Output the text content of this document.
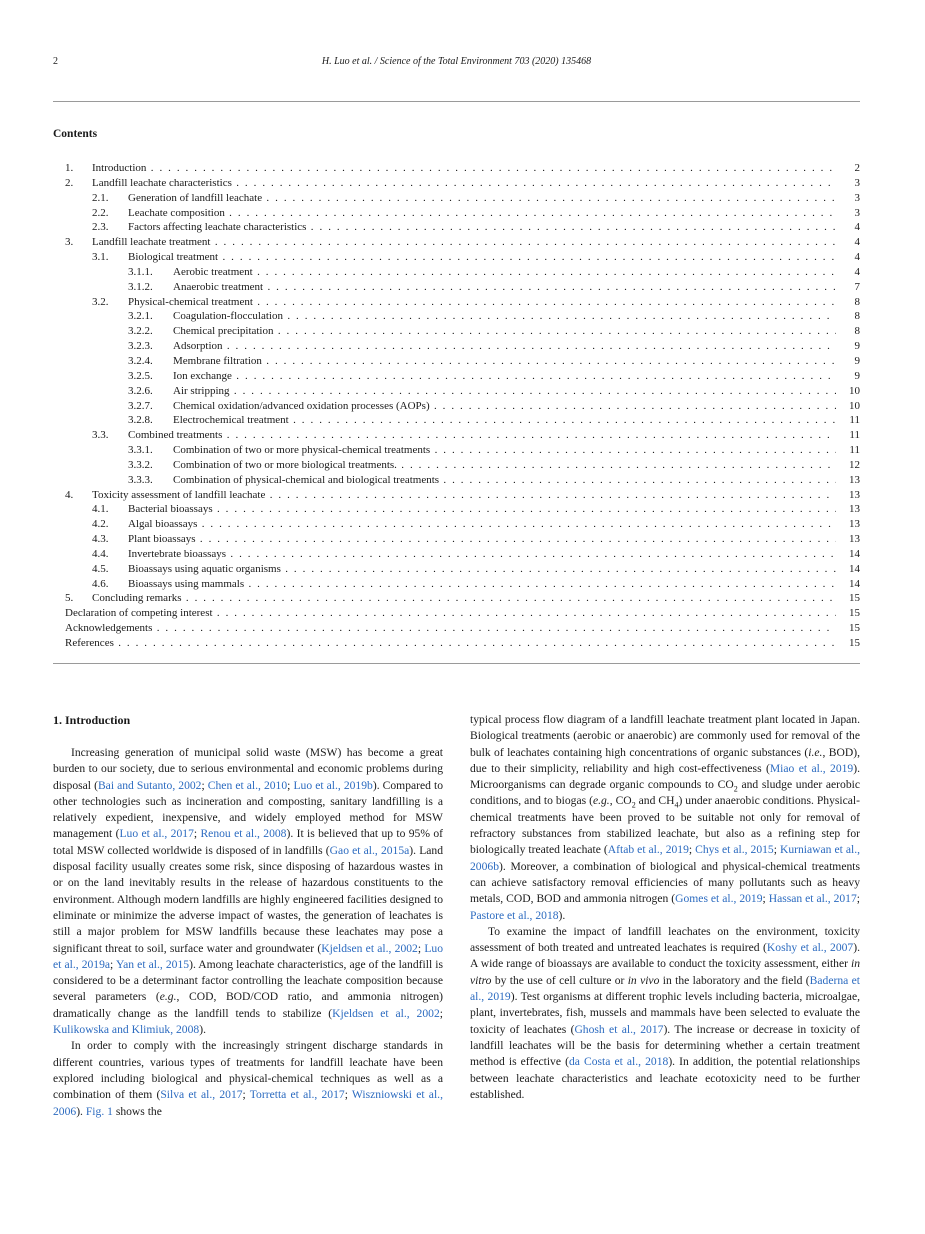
2	H. Luo et al. / Science of the Total Environment 703 (2020) 135468
Contents
1. Introduction . . .	2
2. Landfill leachate characteristics . . .	3
2.1. Generation of landfill leachate . . .	3
2.2. Leachate composition . . .	3
2.3. Factors affecting leachate characteristics . . .	4
3. Landfill leachate treatment . . .	4
3.1. Biological treatment . . .	4
3.1.1. Aerobic treatment . . .	4
3.1.2. Anaerobic treatment . . .	7
3.2. Physical-chemical treatment . . .	8
3.2.1. Coagulation-flocculation . . .	8
3.2.2. Chemical precipitation . . .	8
3.2.3. Adsorption . . .	9
3.2.4. Membrane filtration . . .	9
3.2.5. Ion exchange . . .	9
3.2.6. Air stripping . . .	10
3.2.7. Chemical oxidation/advanced oxidation processes (AOPs) . . .	10
3.2.8. Electrochemical treatment . . .	11
3.3. Combined treatments . . .	11
3.3.1. Combination of two or more physical-chemical treatments . . .	11
3.3.2. Combination of two or more biological treatments. . . .	12
3.3.3. Combination of physical-chemical and biological treatments . . .	13
4. Toxicity assessment of landfill leachate . . .	13
4.1. Bacterial bioassays . . .	13
4.2. Algal bioassays . . .	13
4.3. Plant bioassays . . .	13
4.4. Invertebrate bioassays . . .	14
4.5. Bioassays using aquatic organisms . . .	14
4.6. Bioassays using mammals . . .	14
5. Concluding remarks . . .	15
Declaration of competing interest . . .	15
Acknowledgements . . .	15
References . . .	15
1. Introduction

Increasing generation of municipal solid waste (MSW) has become a great burden to our society, due to serious environmental and economic problems during disposal (Bai and Sutanto, 2002; Chen et al., 2010; Luo et al., 2019b). Compared to other technologies such as incineration and composting, sanitary landfilling is a relatively expedient, inexpensive, and widely employed method for MSW management (Luo et al., 2017; Renou et al., 2008). It is believed that up to 95% of total MSW collected worldwide is disposed of in landfills (Gao et al., 2015a). Land disposal facility usually creates some risk, since disposing of hazardous wastes in or on the land inevitably results in the release of hazardous constituents to the environment. Although modern landfills are highly engineered facilities designed to eliminate or minimize the adverse impact of wastes, the generation of leachates is still a major problem for MSW landfills because these leachates may pose a significant threat to soil, surface water and groundwater (Kjeldsen et al., 2002; Luo et al., 2019a; Yan et al., 2015). Among leachate characteristics, age of the landfill is considered to be a determinant factor controlling the leachate composition because several parameters (e.g., COD, BOD/COD ratio, and ammonia nitrogen) dramatically change as the landfill tends to stabilize (Kjeldsen et al., 2002; Kulikowska and Klimiuk, 2008).

In order to comply with the increasingly stringent discharge standards in different countries, various types of treatments for landfill leachate have been explored including biological and physical-chemical techniques as well as a combination of them (Silva et al., 2017; Torretta et al., 2017; Wiszniowski et al., 2006). Fig. 1 shows the

typical process flow diagram of a landfill leachate treatment plant located in Japan. Biological treatments (aerobic or anaerobic) are commonly used for removal of the bulk of leachates containing high concentrations of organic substances (i.e., BOD), due to their simplicity, reliability and high cost-effectiveness (Miao et al., 2019). Microorganisms can degrade organic compounds to $CO_2$ and sludge under aerobic conditions, and to biogas (e.g., $CO_2$ and $CH_4$) under anaerobic conditions. Physical-chemical treatments have been proved to be suitable not only for removal of refractory substances from stabilized leachate, but also as a refining step for biologically treated leachate (Aftab et al., 2019; Chys et al., 2015; Kurniawan et al., 2006b). Moreover, a combination of biological and physical-chemical treatments can achieve satisfactory removal efficiencies of many pollutants such as heavy metals, COD, BOD and ammonia nitrogen (Gomes et al., 2019; Hassan et al., 2017; Pastore et al., 2018).

To examine the impact of landfill leachates on the environment, toxicity assessment of both treated and untreated leachates is required (Koshy et al., 2007). A wide range of bioassays are available to conduct the toxicity assessment, either in vitro by the use of cell culture or in vivo in the laboratory and the field (Baderna et al., 2019). Test organisms at different trophic levels including bacteria, microalgae, plant, invertebrates, fish, mussels and mammals have been selected to evaluate the toxicity of leachates (Ghosh et al., 2017). The increase or decrease in toxicity of landfill leachates will be the basis for determining whether a certain treatment method is effective (da Costa et al., 2018). In addition, the potential relationships between leachate characteristics and leachate ecotoxicity need to be further established.
